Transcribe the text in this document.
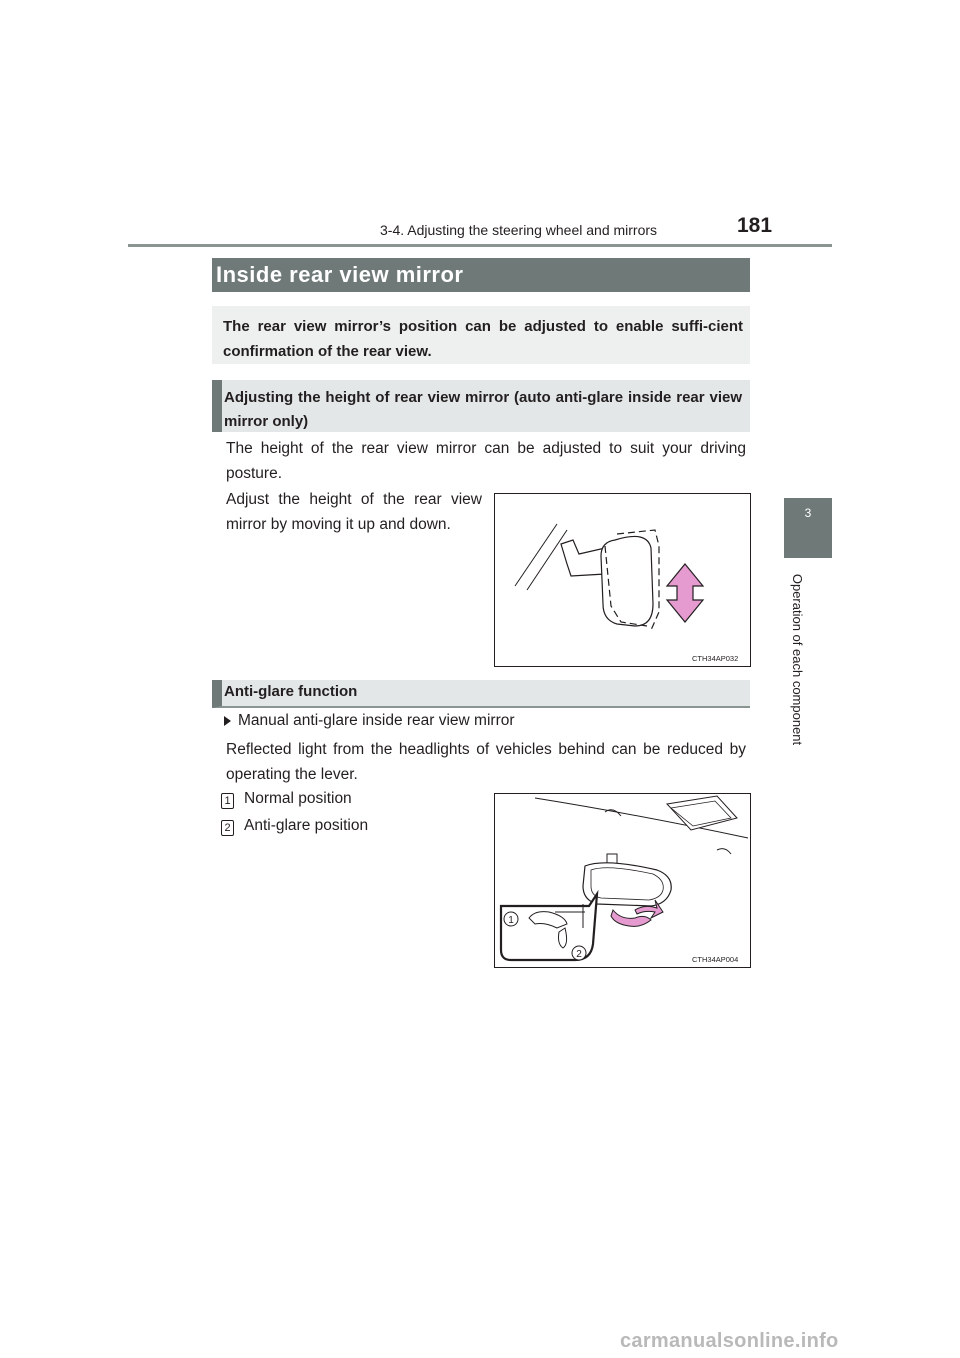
3-4. Adjusting the steering wheel and mirrors	181
3
Operation of each component
Inside rear view mirror
The rear view mirror’s position can be adjusted to enable suffi-cient confirmation of the rear view.
Adjusting the height of rear view mirror (auto anti-glare inside rear view mirror only)
The height of the rear view mirror can be adjusted to suit your driving posture.
Adjust the height of the rear view mirror by moving it up and down.
CTH34AP032
Anti-glare function
Manual anti-glare inside rear view mirror
Reflected light from the headlights of vehicles behind can be reduced by operating the lever.
1 Normal position
2 Anti-glare position
1
2	CTH34AP004
carmanualsonline.info
